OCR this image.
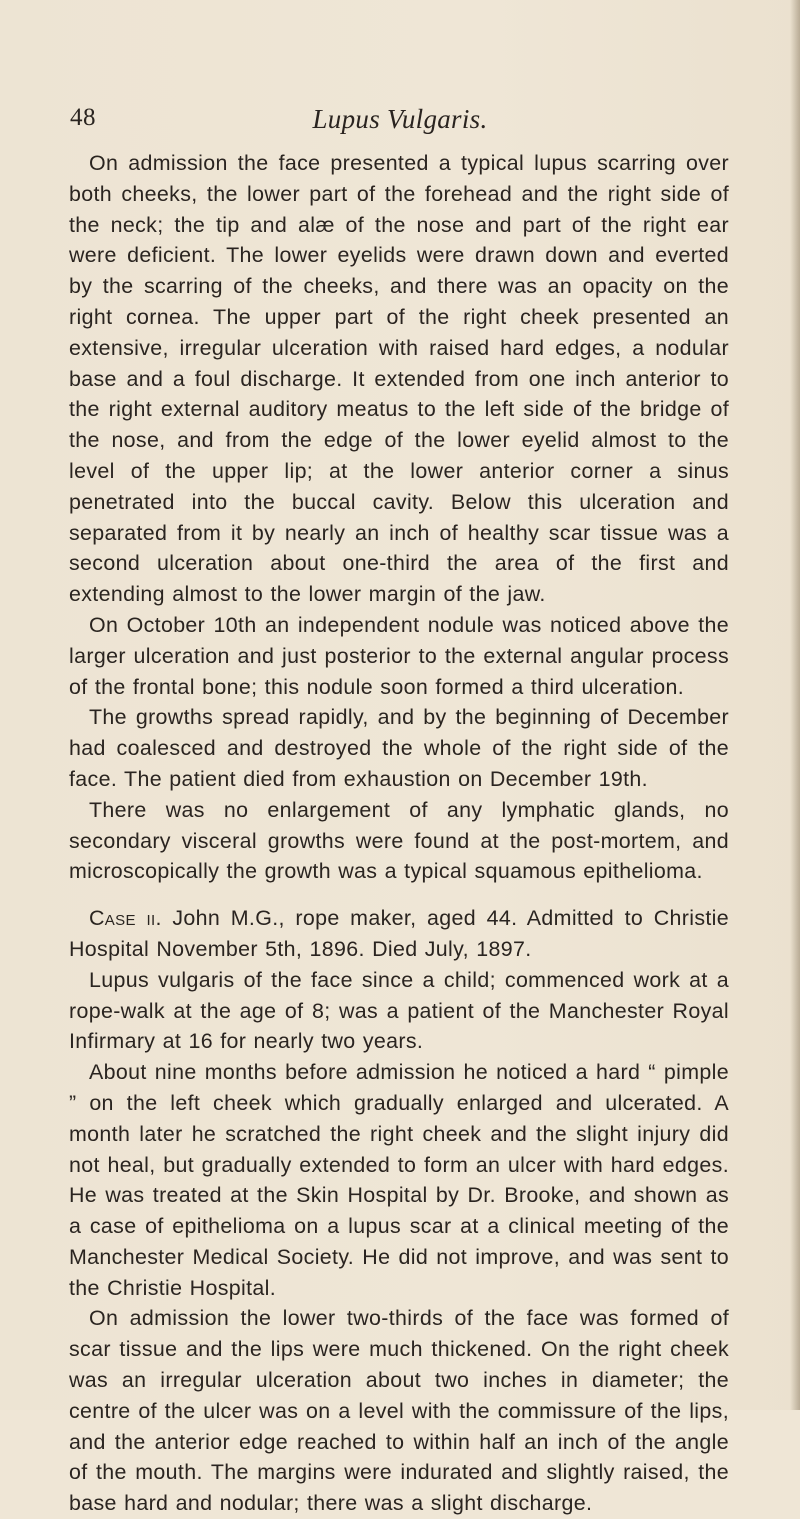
48	Lupus Vulgaris.

On admission the face presented a typical lupus scarring over both cheeks, the lower part of the forehead and the right side of the neck; the tip and alæ of the nose and part of the right ear were deficient. The lower eyelids were drawn down and everted by the scarring of the cheeks, and there was an opacity on the right cornea. The upper part of the right cheek presented an extensive, irregular ulceration with raised hard edges, a nodular base and a foul discharge. It extended from one inch anterior to the right external auditory meatus to the left side of the bridge of the nose, and from the edge of the lower eyelid almost to the level of the upper lip; at the lower anterior corner a sinus penetrated into the buccal cavity. Below this ulceration and separated from it by nearly an inch of healthy scar tissue was a second ulceration about one-third the area of the first and extending almost to the lower margin of the jaw.

On October 10th an independent nodule was noticed above the larger ulceration and just posterior to the external angular process of the frontal bone; this nodule soon formed a third ulceration.

The growths spread rapidly, and by the beginning of December had coalesced and destroyed the whole of the right side of the face. The patient died from exhaustion on December 19th.

There was no enlargement of any lymphatic glands, no secondary visceral growths were found at the post-mortem, and microscopically the growth was a typical squamous epithelioma.

Case ii. John M.G., rope maker, aged 44. Admitted to Christie Hospital November 5th, 1896. Died July, 1897.

Lupus vulgaris of the face since a child; commenced work at a rope-walk at the age of 8; was a patient of the Manchester Royal Infirmary at 16 for nearly two years.

About nine months before admission he noticed a hard “ pimple ” on the left cheek which gradually enlarged and ulcerated. A month later he scratched the right cheek and the slight injury did not heal, but gradually extended to form an ulcer with hard edges. He was treated at the Skin Hospital by Dr. Brooke, and shown as a case of epithelioma on a lupus scar at a clinical meeting of the Manchester Medical Society. He did not improve, and was sent to the Christie Hospital.

On admission the lower two-thirds of the face was formed of scar tissue and the lips were much thickened. On the right cheek was an irregular ulceration about two inches in diameter; the centre of the ulcer was on a level with the commissure of the lips, and the anterior edge reached to within half an inch of the angle of the mouth. The margins were indurated and slightly raised, the base hard and nodular; there was a slight discharge.
